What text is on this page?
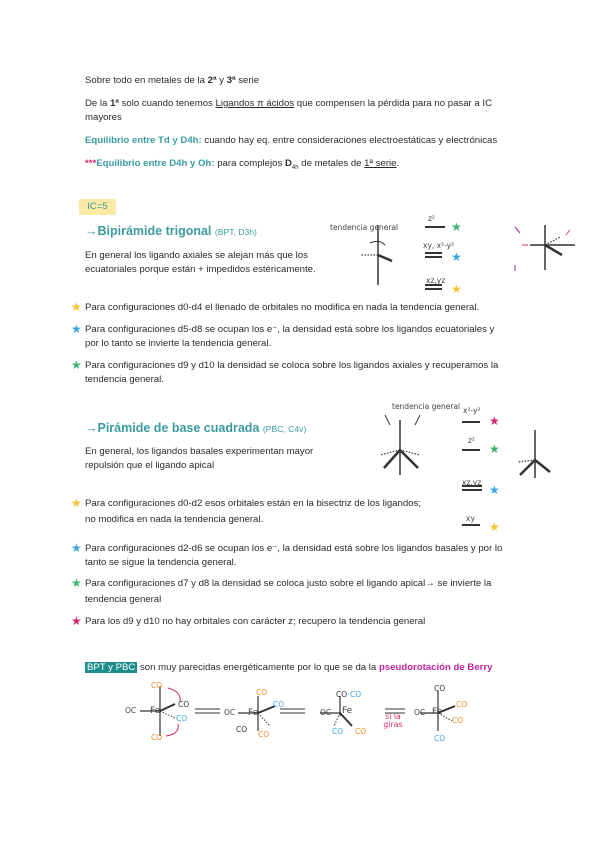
Sobre todo en metales de la 2ª y 3ª serie
De la 1ª solo cuando tenemos Ligandos π ácidos que compensen la pérdida para no pasar a IC
mayores
Equilibrio entre Td y D4h: cuando hay eq. entre consideraciones electroestáticas y electrónicas
***Equilibrio entre D4h y Oh: para complejos $D_{4h}$ de metales de 1ª serie.
IC=5
→Bipirámide trigonal (BPT, D3h)
En general los ligando axiales se alejan más que los
ecuatoriales porque están + impedidos estéricamente.
tendencia general
z²
xy, x²-y²
xz,yz
★
★
★
★ Para configuraciones d0-d4 el llenado de orbitales no modifica en nada la tendencia general.
★ Para configuraciones d5-d8 se ocupan los e⁻, la densidad está sobre los ligandos ecuatoriales y
por lo tanto se invierte la tendencia general.
★ Para configuraciones d9 y d10 la densidad se coloca sobre los ligandos axiales y recuperamos la
tendencia general.
→Pirámide de base cuadrada (PBC, C4v)
En general, los ligandos basales experimentan mayor
repulsión que el ligando apical
tendencia general x²-y²
z²
xz,yz
xy
★
★
★
★
★ Para configuraciones d0-d2 esos orbitales están en la bisectriz de los ligandos;
no modifica en nada la tendencia general.
★ Para configuraciones d2-d6 se ocupan los e⁻, la densidad está sobre los ligandos basales y por lo
tanto se sigue la tendencia general.
★ Para configuraciones d7 y d8 la densidad se coloca justo sobre el ligando apical→ se invierte la
tendencia general
★ Para los d9 y d10 no hay orbitales con carácter z; recupero la tendencia general
BPT y PBC son muy parecidas energéticamente por lo que se da la pseudorotación de Berry
OC Fe
CO
CO
CO
CO
OC Fe
CO
CO
CO
CO
OC Fe
CO CO
CO CO
si la giras
OC Fe
CO
CO
CO
CO
